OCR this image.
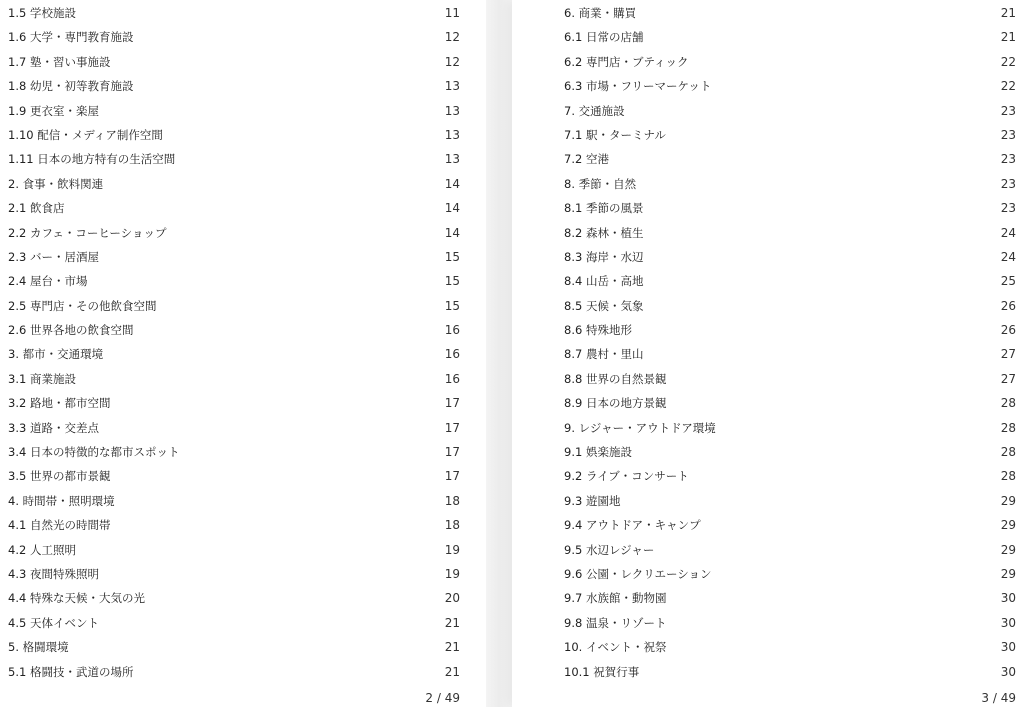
1.5 学校施設	11
1.6 大学・専門教育施設	12
1.7 塾・習い事施設	12
1.8 幼児・初等教育施設	13
1.9 更衣室・楽屋	13
1.10 配信・メディア制作空間	13
1.11 日本の地方特有の生活空間	13
2. 食事・飲料関連	14
2.1 飲食店	14
2.2 カフェ・コーヒーショップ	14
2.3 バー・居酒屋	15
2.4 屋台・市場	15
2.5 専門店・その他飲食空間	15
2.6 世界各地の飲食空間	16
3. 都市・交通環境	16
3.1 商業施設	16
3.2 路地・都市空間	17
3.3 道路・交差点	17
3.4 日本の特徴的な都市スポット	17
3.5 世界の都市景観	17
4. 時間帯・照明環境	18
4.1 自然光の時間帯	18
4.2 人工照明	19
4.3 夜間特殊照明	19
4.4 特殊な天候・大気の光	20
4.5 天体イベント	21
5. 格闘環境	21
5.1 格闘技・武道の場所	21
2 / 49
6. 商業・購買	21
6.1 日常の店舗	21
6.2 専門店・ブティック	22
6.3 市場・フリーマーケット	22
7. 交通施設	23
7.1 駅・ターミナル	23
7.2 空港	23
8. 季節・自然	23
8.1 季節の風景	23
8.2 森林・植生	24
8.3 海岸・水辺	24
8.4 山岳・高地	25
8.5 天候・気象	26
8.6 特殊地形	26
8.7 農村・里山	27
8.8 世界の自然景観	27
8.9 日本の地方景観	28
9. レジャー・アウトドア環境	28
9.1 娯楽施設	28
9.2 ライブ・コンサート	28
9.3 遊園地	29
9.4 アウトドア・キャンプ	29
9.5 水辺レジャー	29
9.6 公園・レクリエーション	29
9.7 水族館・動物園	30
9.8 温泉・リゾート	30
10. イベント・祝祭	30
10.1 祝賀行事	30
3 / 49
